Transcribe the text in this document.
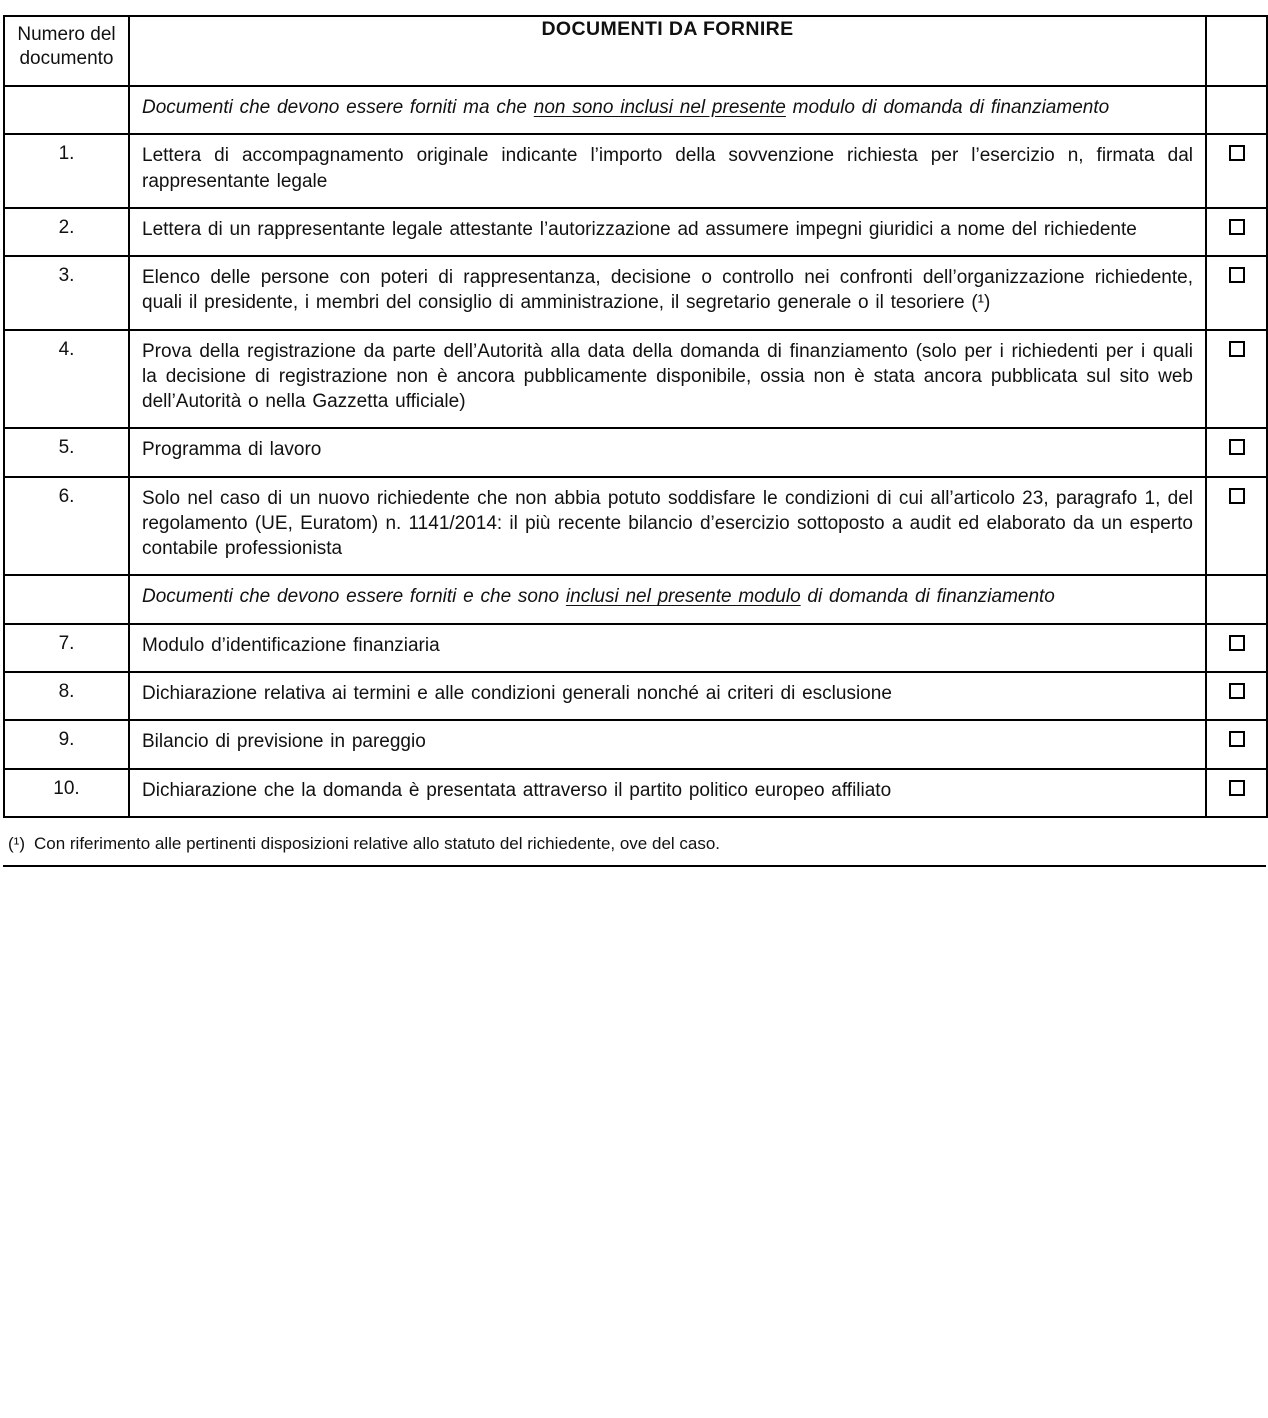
Numero del documento	DOCUMENTI DA FORNIRE	
	Documenti che devono essere forniti ma che non sono inclusi nel presente modulo di domanda di finanziamento	
1.	Lettera di accompagnamento originale indicante l’importo della sovvenzione richiesta per l’esercizio n, firmata dal rappresentante legale	
2.	Lettera di un rappresentante legale attestante l’autorizzazione ad assumere impegni giuridici a nome del richiedente	
3.	Elenco delle persone con poteri di rappresentanza, decisione o controllo nei confronti dell’organizzazione richiedente, quali il presidente, i membri del consiglio di amministrazione, il segretario generale o il tesoriere (¹)	
4.	Prova della registrazione da parte dell’Autorità alla data della domanda di finanziamento (solo per i richiedenti per i quali la decisione di registrazione non è ancora pubblicamente disponibile, ossia non è stata ancora pubblicata sul sito web dell’Autorità o nella Gazzetta ufficiale)	
5.	Programma di lavoro	
6.	Solo nel caso di un nuovo richiedente che non abbia potuto soddisfare le condizioni di cui all’articolo 23, paragrafo 1, del regolamento (UE, Euratom) n. 1141/2014: il più recente bilancio d’esercizio sottoposto a audit ed elaborato da un esperto contabile professionista	
	Documenti che devono essere forniti e che sono inclusi nel presente modulo di domanda di finanziamento	
7.	Modulo d’identificazione finanziaria	
8.	Dichiarazione relativa ai termini e alle condizioni generali nonché ai criteri di esclusione	
9.	Bilancio di previsione in pareggio	
10.	Dichiarazione che la domanda è presentata attraverso il partito politico europeo affiliato	
(¹) Con riferimento alle pertinenti disposizioni relative allo statuto del richiedente, ove del caso.
